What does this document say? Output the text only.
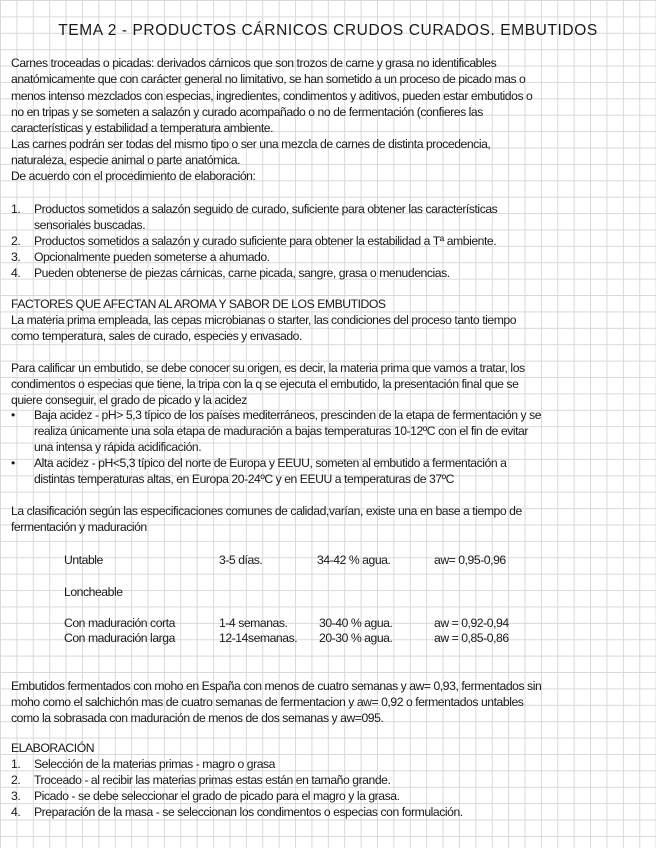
TEMA 2 - PRODUCTOS CÁRNICOS CRUDOS CURADOS. EMBUTIDOS
Carnes troceadas o picadas: derivados cárnicos que son trozos de carne y grasa no identificables
anatómicamente que con carácter general no limitativo, se han sometido a un proceso de picado mas o
menos intenso mezclados con especias, ingredientes, condimentos y aditivos, pueden estar embutidos o
no en tripas y se someten a salazón y curado acompañado o no de fermentación (confieres las
características y estabilidad a temperatura ambiente.
Las carnes podrán ser todas del mismo tipo o ser una mezcla de carnes de distinta procedencia,
naturaleza, especie animal o parte anatómica.
De acuerdo con el procedimiento de elaboración:
1. Productos sometidos a salazón seguido de curado, suficiente para obtener las características
sensoriales buscadas.
2. Productos sometidos a salazón y curado suficiente para obtener la estabilidad a Tª ambiente.
3. Opcionalmente pueden someterse a ahumado.
4. Pueden obtenerse de piezas cárnicas, carne picada, sangre, grasa o menudencias.
FACTORES QUE AFECTAN AL AROMA Y SABOR DE LOS EMBUTIDOS
La materia prima empleada, las cepas microbianas o starter, las condiciones del proceso tanto tiempo
como temperatura, sales de curado, especies y envasado.
Para calificar un embutido, se debe conocer su origen, es decir, la materia prima que vamos a tratar, los
condimentos o especias que tiene, la tripa con la q se ejecuta el embutido, la presentación final que se
quiere conseguir, el grado de picado y la acidez
• Baja acidez - pH> 5,3 típico de los países mediterráneos, prescinden de la etapa de fermentación y se
realiza únicamente una sola etapa de maduración a bajas temperaturas 10-12ºC con el fin de evitar
una intensa y rápida acidificación.
• Alta acidez - pH<5,3 típico del norte de Europa y EEUU, someten al embutido a fermentación a
distintas temperaturas altas, en Europa 20-24ºC y en EEUU a temperaturas de 37ºC
La clasificación según las especificaciones comunes de calidad,varían, existe una en base a tiempo de
fermentación y maduración
Untable	3-5 días.	34-42 % agua.	aw= 0,95-0,96
Loncheable
Con maduración corta	1-4 semanas.	30-40 % agua.	aw = 0,92-0,94
Con maduración larga	12-14semanas. 20-30 % agua.	aw = 0,85-0,86
Embutidos fermentados con moho en España con menos de cuatro semanas y aw= 0,93, fermentados sin
moho como el salchichón mas de cuatro semanas de fermentacion y aw= 0,92 o fermentados untables
como la sobrasada con maduración de menos de dos semanas y aw=095.
ELABORACIÓN
1. Selección de la materias primas - magro o grasa
2. Troceado - al recibir las materias primas estas están en tamaño grande.
3. Picado - se debe seleccionar el grado de picado para el magro y la grasa.
4. Preparación de la masa - se seleccionan los condimentos o especias con formulación.
